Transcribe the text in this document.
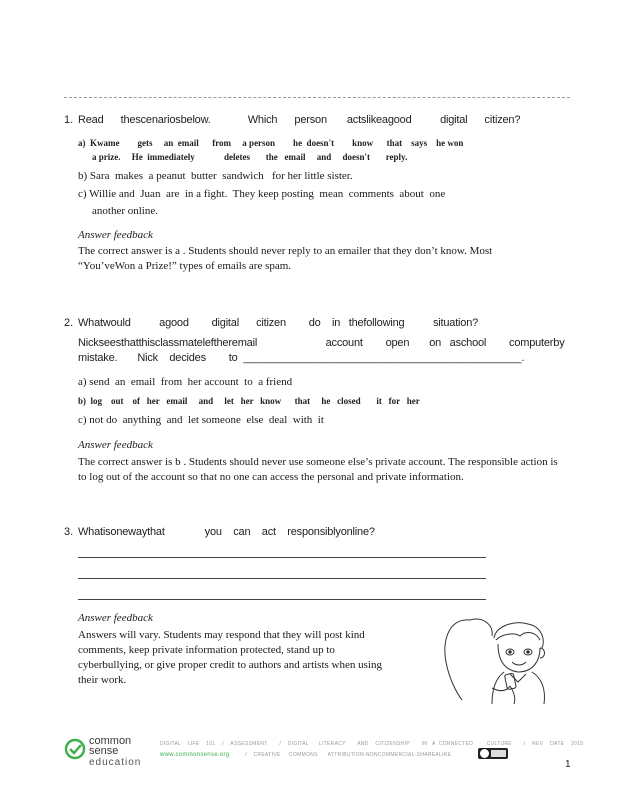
1. Read      thescenariosbelow.             Which      person       actslikeagood          digital      citizen?
a)  Kwame        gets     an  email      from     a person        he  doesn't        know      that    says    he won
a prize.     He  immediately             deletes       the   email     and     doesn't       reply.
b) Sara  makes  a peanut  butter  sandwich   for her little sister.
c) Willie and  Juan  are  in a fight.  They keep posting  mean  comments  about  one
another online.
Answer feedback
The correct answer is a . Students should never reply to an emailer that they don’t know. Most “You’veWon a Prize!” types of emails are spam.
2. Whatwould          agood        digital      citizen        do    in   thefollowing          situation?
Nickseesthatthisclassmateleftheremail                        account        open       on   aschool        computerby
mistake.       Nick    decides        to  _______________________________________________.
a) send  an  email  from  her account  to  a friend
b)  log    out    of   her   email     and     let   her   know      that     he   closed       it   for   her
c) not do  anything  and  let someone  else  deal  with  it
Answer feedback
The correct answer is b . Students should never use someone else’s private account. The responsible action is to log out of the account so that no one can access the personal and private information.
3. Whatisonewaythat              you    can    act    responsiblyonline?
Answer feedback
Answers will vary. Students may respond that they will post kind comments, keep private information protected, stand up to cyberbullying, or give proper credit to authors and artists when using their work.
common
sense
education
DIGITAL    LIFE    101    /    ASSESSMENT       /    DIGITAL      LITERACY       AND    CITIZENSHIP       IN   A  CONNECTED        CULTURE       /    REV    DATE    2015
www.commonsense.org /    CREATIVE     COMMONS      ATTRIBUTION-NONCOMMERCIAL-SHAREALIKE
1
